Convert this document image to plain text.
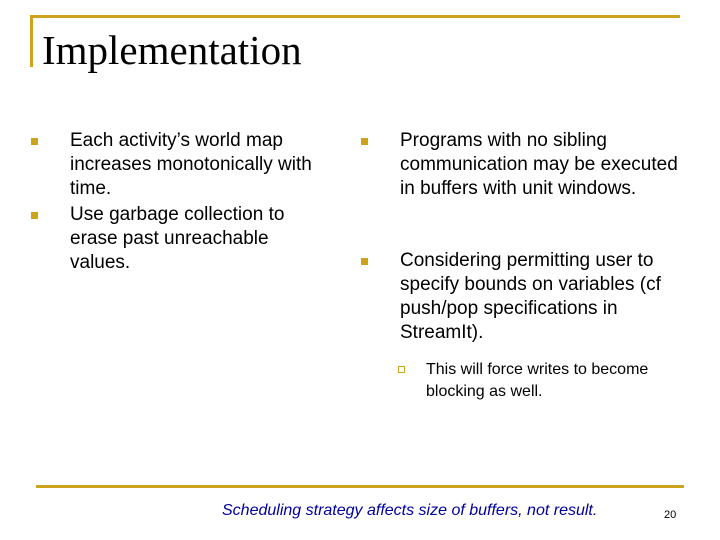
Implementation
Each activity’s world map increases monotonically with time.
Use garbage collection to erase past unreachable values.
Programs with no sibling communication may be executed in buffers with unit windows.
Considering permitting user to specify bounds on variables (cf push/pop specifications in StreamIt).
This will force writes to become blocking as well.
Scheduling strategy affects size of buffers, not result.	20
